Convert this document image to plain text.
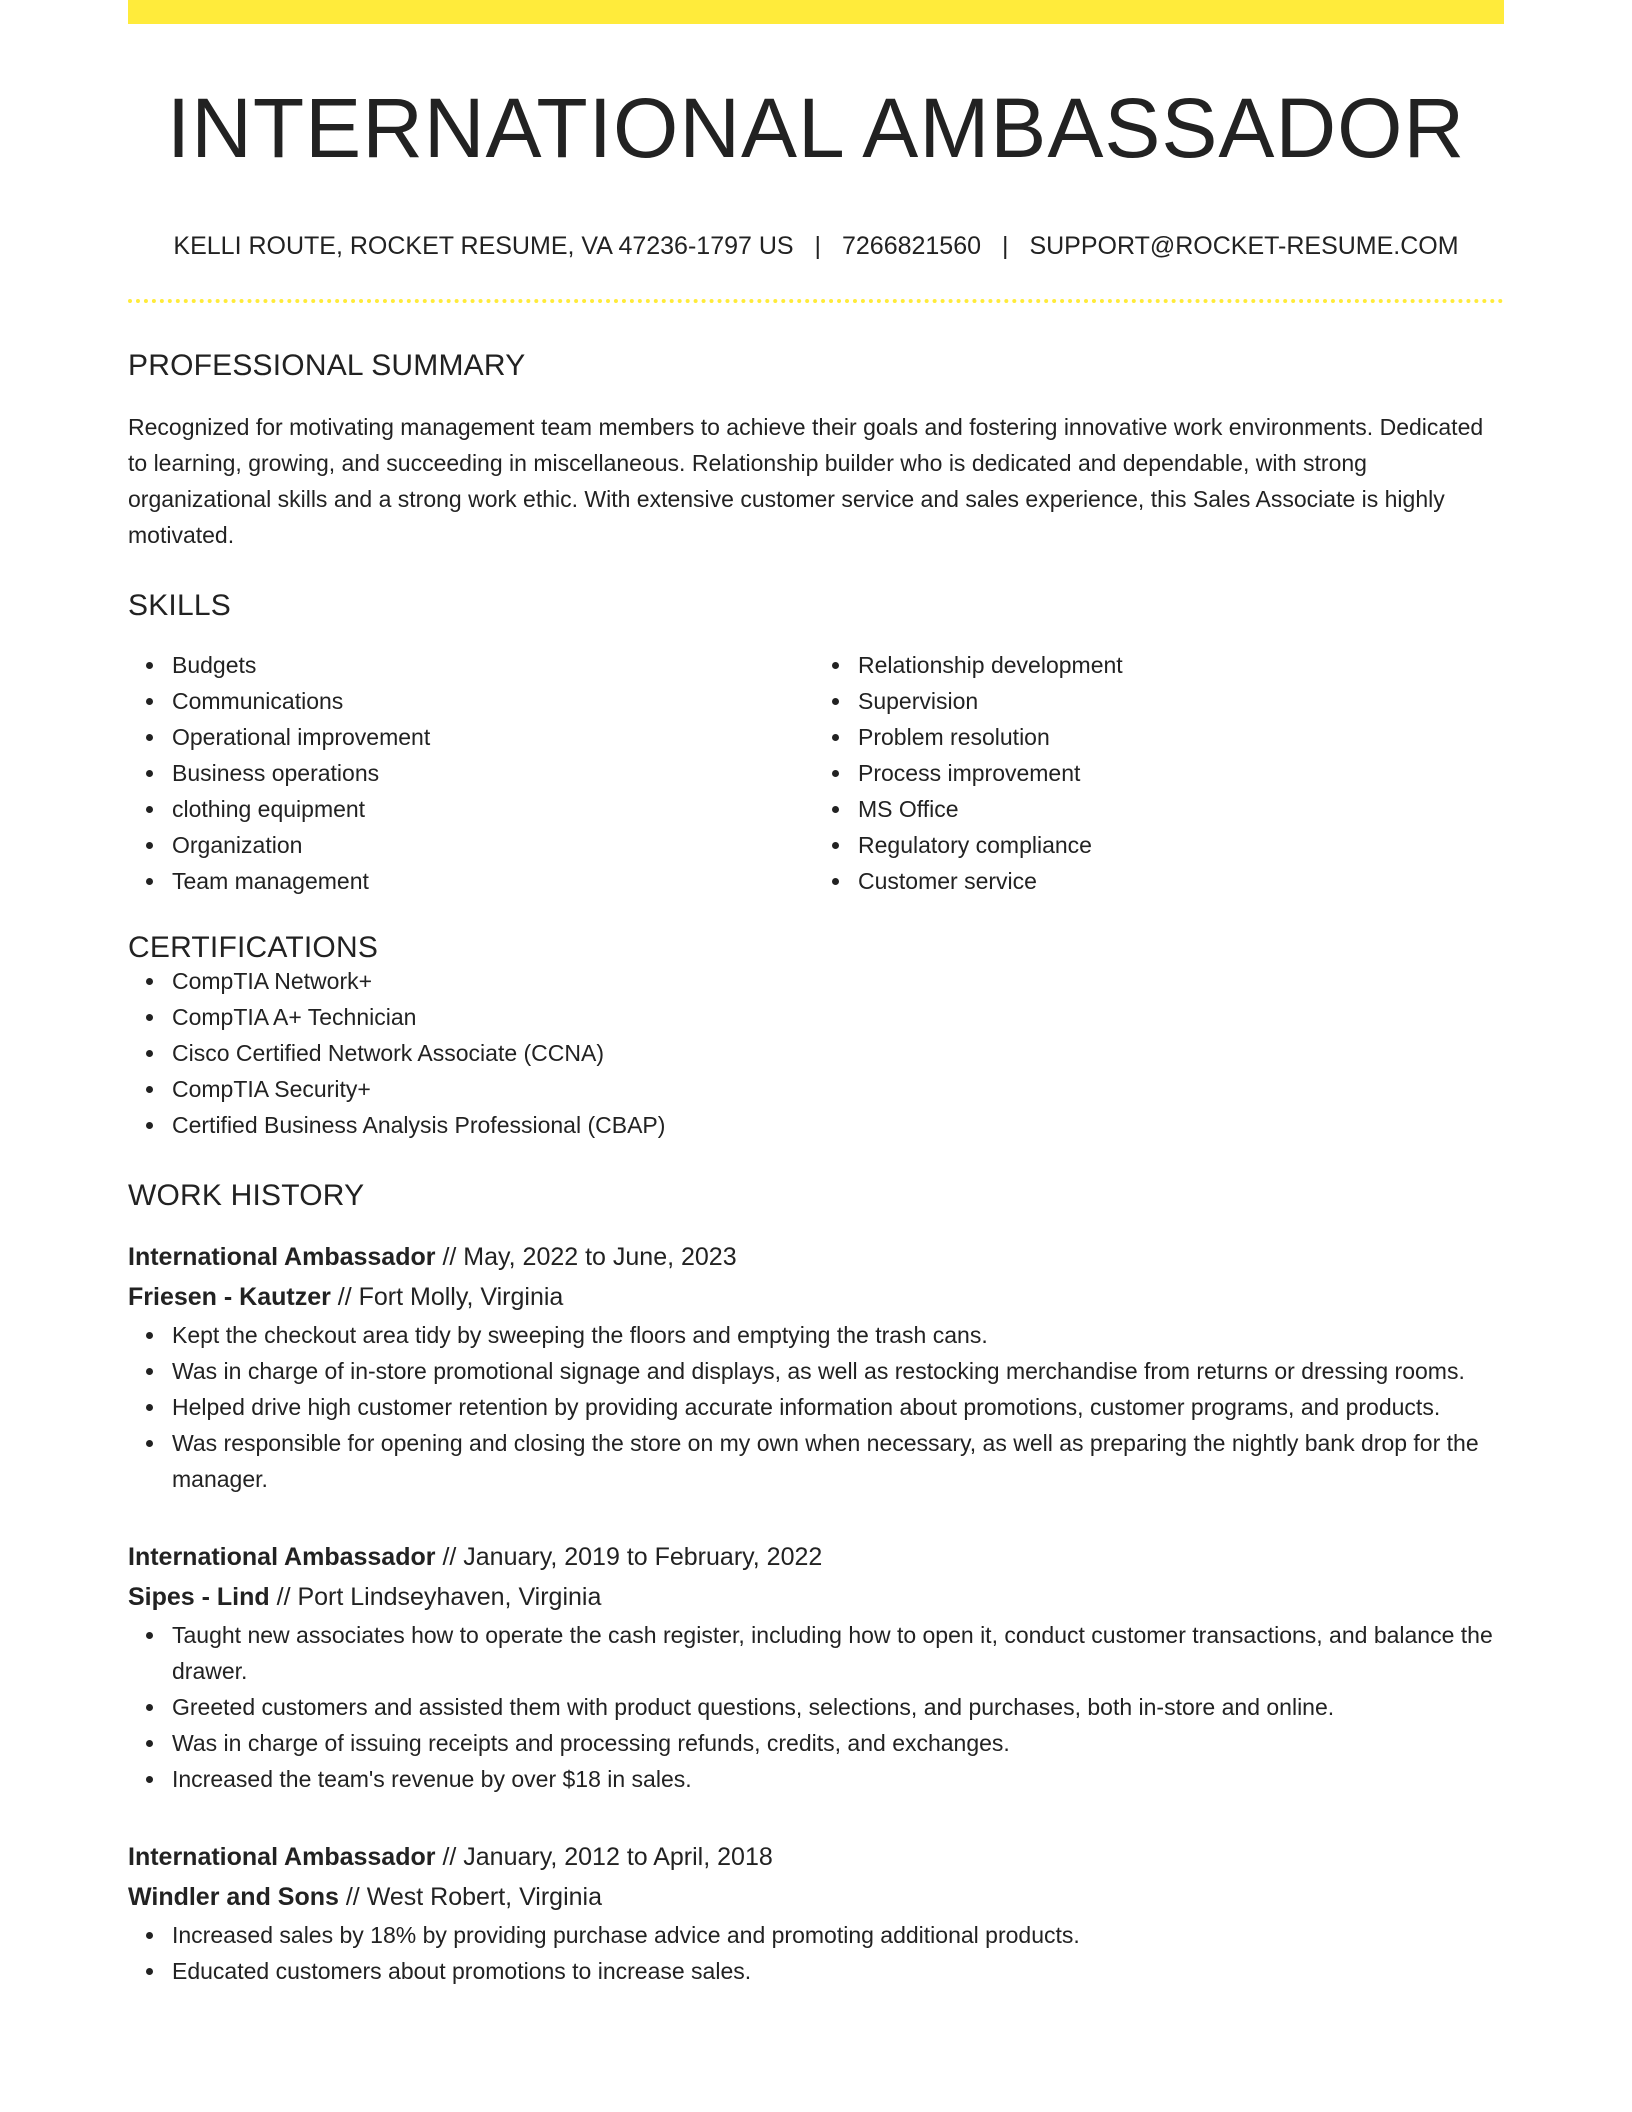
INTERNATIONAL AMBASSADOR
KELLI ROUTE, ROCKET RESUME, VA 47236-1797 US | 7266821560 | SUPPORT@ROCKET-RESUME.COM
PROFESSIONAL SUMMARY
Recognized for motivating management team members to achieve their goals and fostering innovative work environments. Dedicated to learning, growing, and succeeding in miscellaneous. Relationship builder who is dedicated and dependable, with strong organizational skills and a strong work ethic. With extensive customer service and sales experience, this Sales Associate is highly motivated.
SKILLS
Budgets
Communications
Operational improvement
Business operations
clothing equipment
Organization
Team management
Relationship development
Supervision
Problem resolution
Process improvement
MS Office
Regulatory compliance
Customer service
CERTIFICATIONS
CompTIA Network+
CompTIA A+ Technician
Cisco Certified Network Associate (CCNA)
CompTIA Security+
Certified Business Analysis Professional (CBAP)
WORK HISTORY
International Ambassador // May, 2022 to June, 2023
Friesen - Kautzer // Fort Molly, Virginia
Kept the checkout area tidy by sweeping the floors and emptying the trash cans.
Was in charge of in-store promotional signage and displays, as well as restocking merchandise from returns or dressing rooms.
Helped drive high customer retention by providing accurate information about promotions, customer programs, and products.
Was responsible for opening and closing the store on my own when necessary, as well as preparing the nightly bank drop for the manager.
International Ambassador // January, 2019 to February, 2022
Sipes - Lind // Port Lindseyhaven, Virginia
Taught new associates how to operate the cash register, including how to open it, conduct customer transactions, and balance the drawer.
Greeted customers and assisted them with product questions, selections, and purchases, both in-store and online.
Was in charge of issuing receipts and processing refunds, credits, and exchanges.
Increased the team's revenue by over $18 in sales.
International Ambassador // January, 2012 to April, 2018
Windler and Sons // West Robert, Virginia
Increased sales by 18% by providing purchase advice and promoting additional products.
Educated customers about promotions to increase sales.
